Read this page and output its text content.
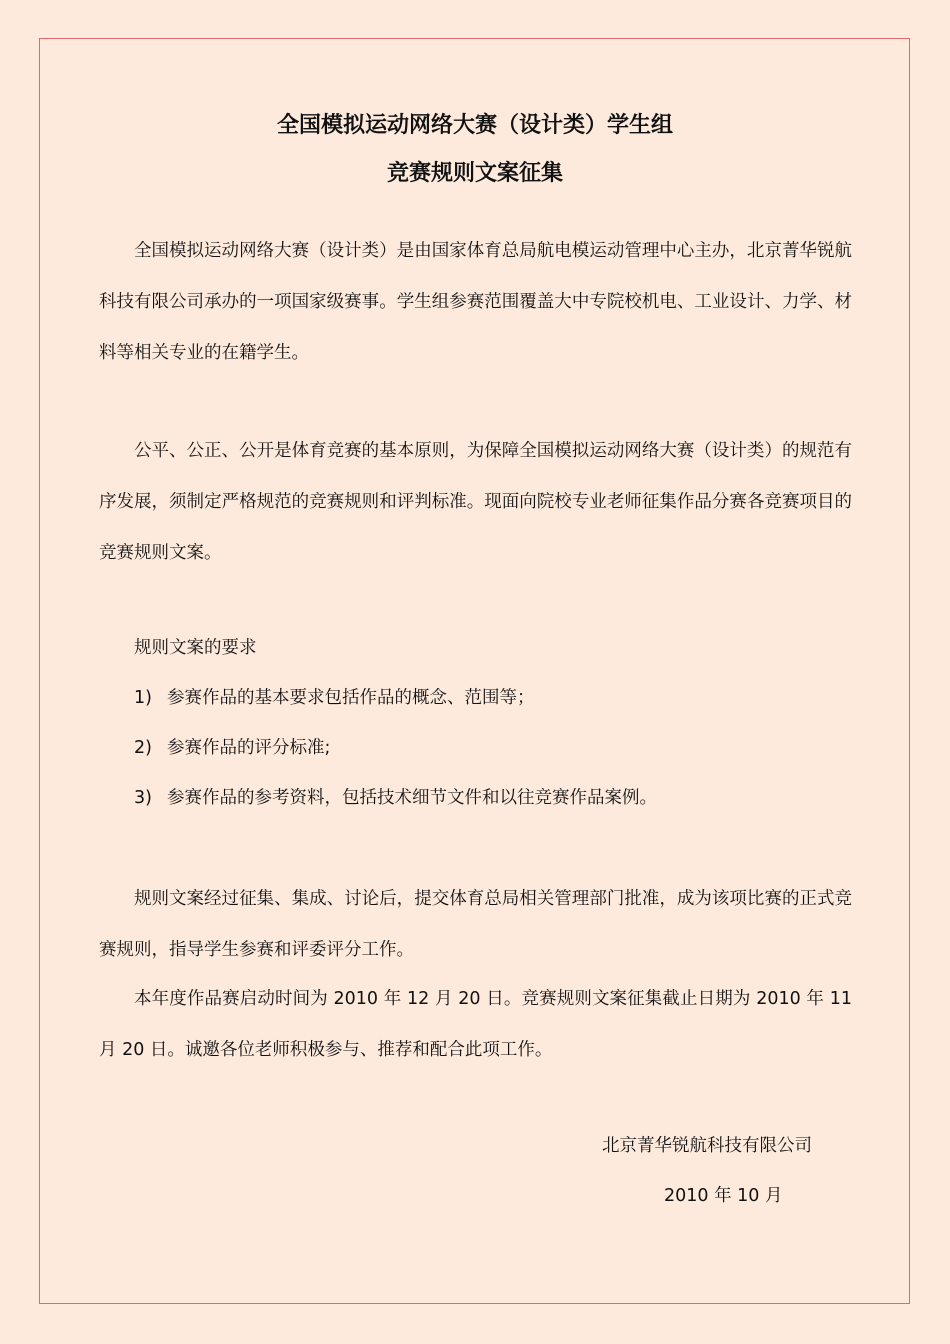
全国模拟运动网络大赛（设计类）学生组
竞赛规则文案征集

全国模拟运动网络大赛（设计类）是由国家体育总局航电模运动管理中心主办，北京菁华锐航科技有限公司承办的一项国家级赛事。学生组参赛范围覆盖大中专院校机电、工业设计、力学、材料等相关专业的在籍学生。

公平、公正、公开是体育竞赛的基本原则，为保障全国模拟运动网络大赛（设计类）的规范有序发展，须制定严格规范的竞赛规则和评判标准。现面向院校专业老师征集作品分赛各竞赛项目的竞赛规则文案。

规则文案的要求

1) 参赛作品的基本要求包括作品的概念、范围等；

2) 参赛作品的评分标准;

3) 参赛作品的参考资料，包括技术细节文件和以往竞赛作品案例。

规则文案经过征集、集成、讨论后，提交体育总局相关管理部门批准，成为该项比赛的正式竞赛规则，指导学生参赛和评委评分工作。

本年度作品赛启动时间为 2010 年 12 月 20 日。竞赛规则文案征集截止日期为 2010 年 11 月 20 日。诚邀各位老师积极参与、推荐和配合此项工作。

北京菁华锐航科技有限公司
2010 年 10 月
